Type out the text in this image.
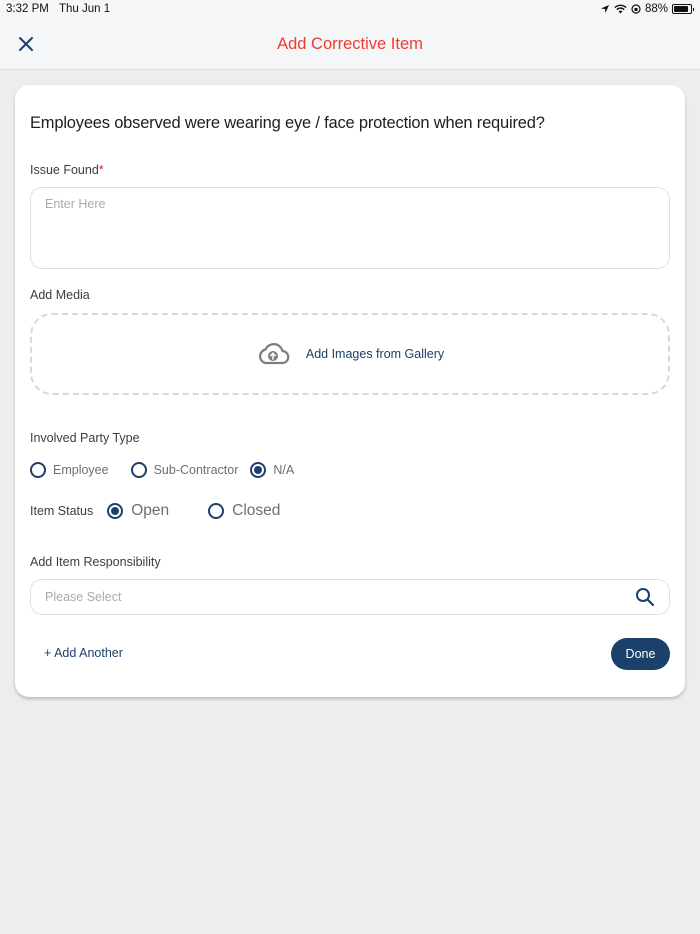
3:32 PM Thu Jun 1	88%
Add Corrective Item
Employees observed were wearing eye / face protection when required?
Issue Found*
Enter Here
Add Media
Add Images from Gallery
Involved Party Type
Employee	Sub-Contractor	N/A
Item Status Open	Closed
Add Item Responsibility
Please Select
+ Add Another	Done
